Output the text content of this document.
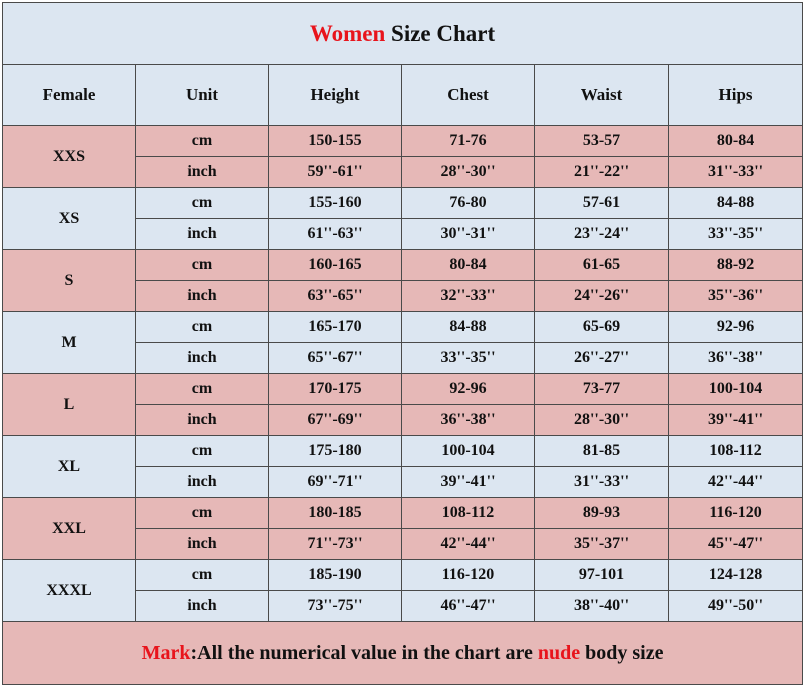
Women Size Chart					
Female	Unit	Height	Chest	Waist	Hips
XXS	cm	150-155	71-76	53-57	80-84
	inch	59''-61''	28''-30''	21''-22''	31''-33''
XS	cm	155-160	76-80	57-61	84-88
	inch	61''-63''	30''-31''	23''-24''	33''-35''
S	cm	160-165	80-84	61-65	88-92
	inch	63''-65''	32''-33''	24''-26''	35''-36''
M	cm	165-170	84-88	65-69	92-96
	inch	65''-67''	33''-35''	26''-27''	36''-38''
L	cm	170-175	92-96	73-77	100-104
	inch	67''-69''	36''-38''	28''-30''	39''-41''
XL	cm	175-180	100-104	81-85	108-112
	inch	69''-71''	39''-41''	31''-33''	42''-44''
XXL	cm	180-185	108-112	89-93	116-120
	inch	71''-73''	42''-44''	35''-37''	45''-47''
XXXL	cm	185-190	116-120	97-101	124-128
	inch	73''-75''	46''-47''	38''-40''	49''-50''
Mark:All the numerical value in the chart are nude body size					
